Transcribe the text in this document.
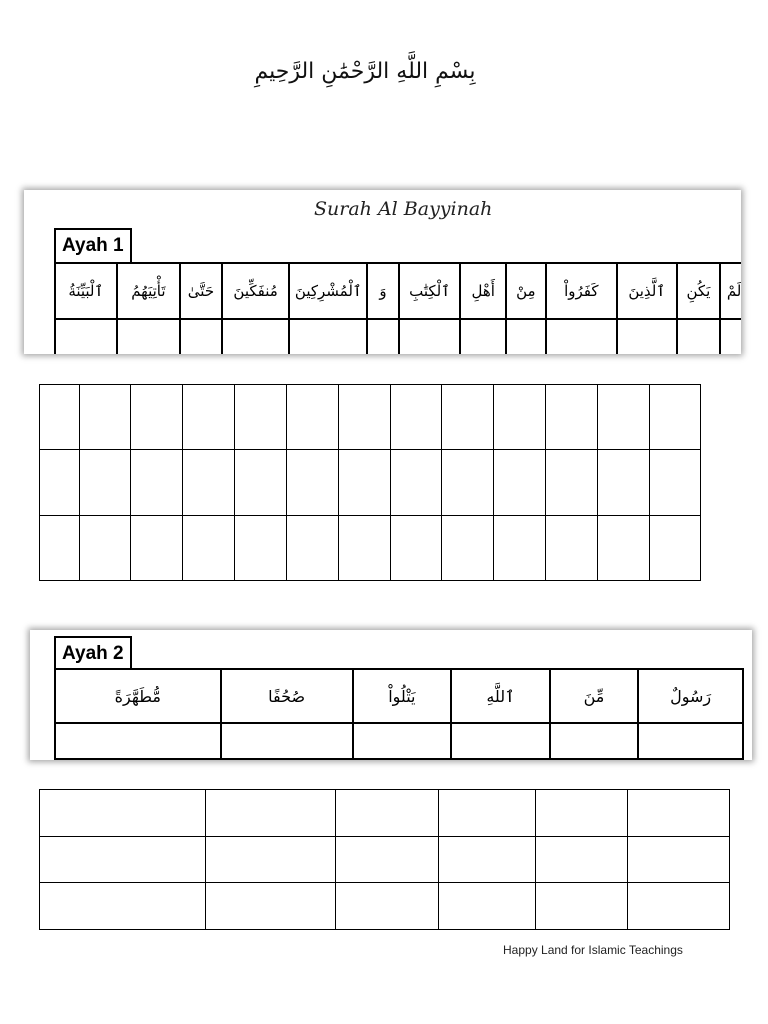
بِسْمِ اللَّهِ الرَّحْمَٰنِ الرَّحِيمِ
Surah Al Bayyinah
Ayah 1
لَمْ	يَكُنِ	ٱلَّذِينَ	كَفَرُواْ	مِنْ	أَهْلِ	ٱلْكِتَٰبِ	وَ	ٱلْمُشْرِكِينَ	مُنفَكِّينَ	حَتَّىٰ	تَأْتِيَهُمُ	ٱلْبَيِّنَةُ

Ayah 2
رَسُولٌ	مِّنَ	ٱللَّهِ	يَتْلُواْ	صُحُفًا	مُّطَهَّرَةً

Happy Land for Islamic Teachings
